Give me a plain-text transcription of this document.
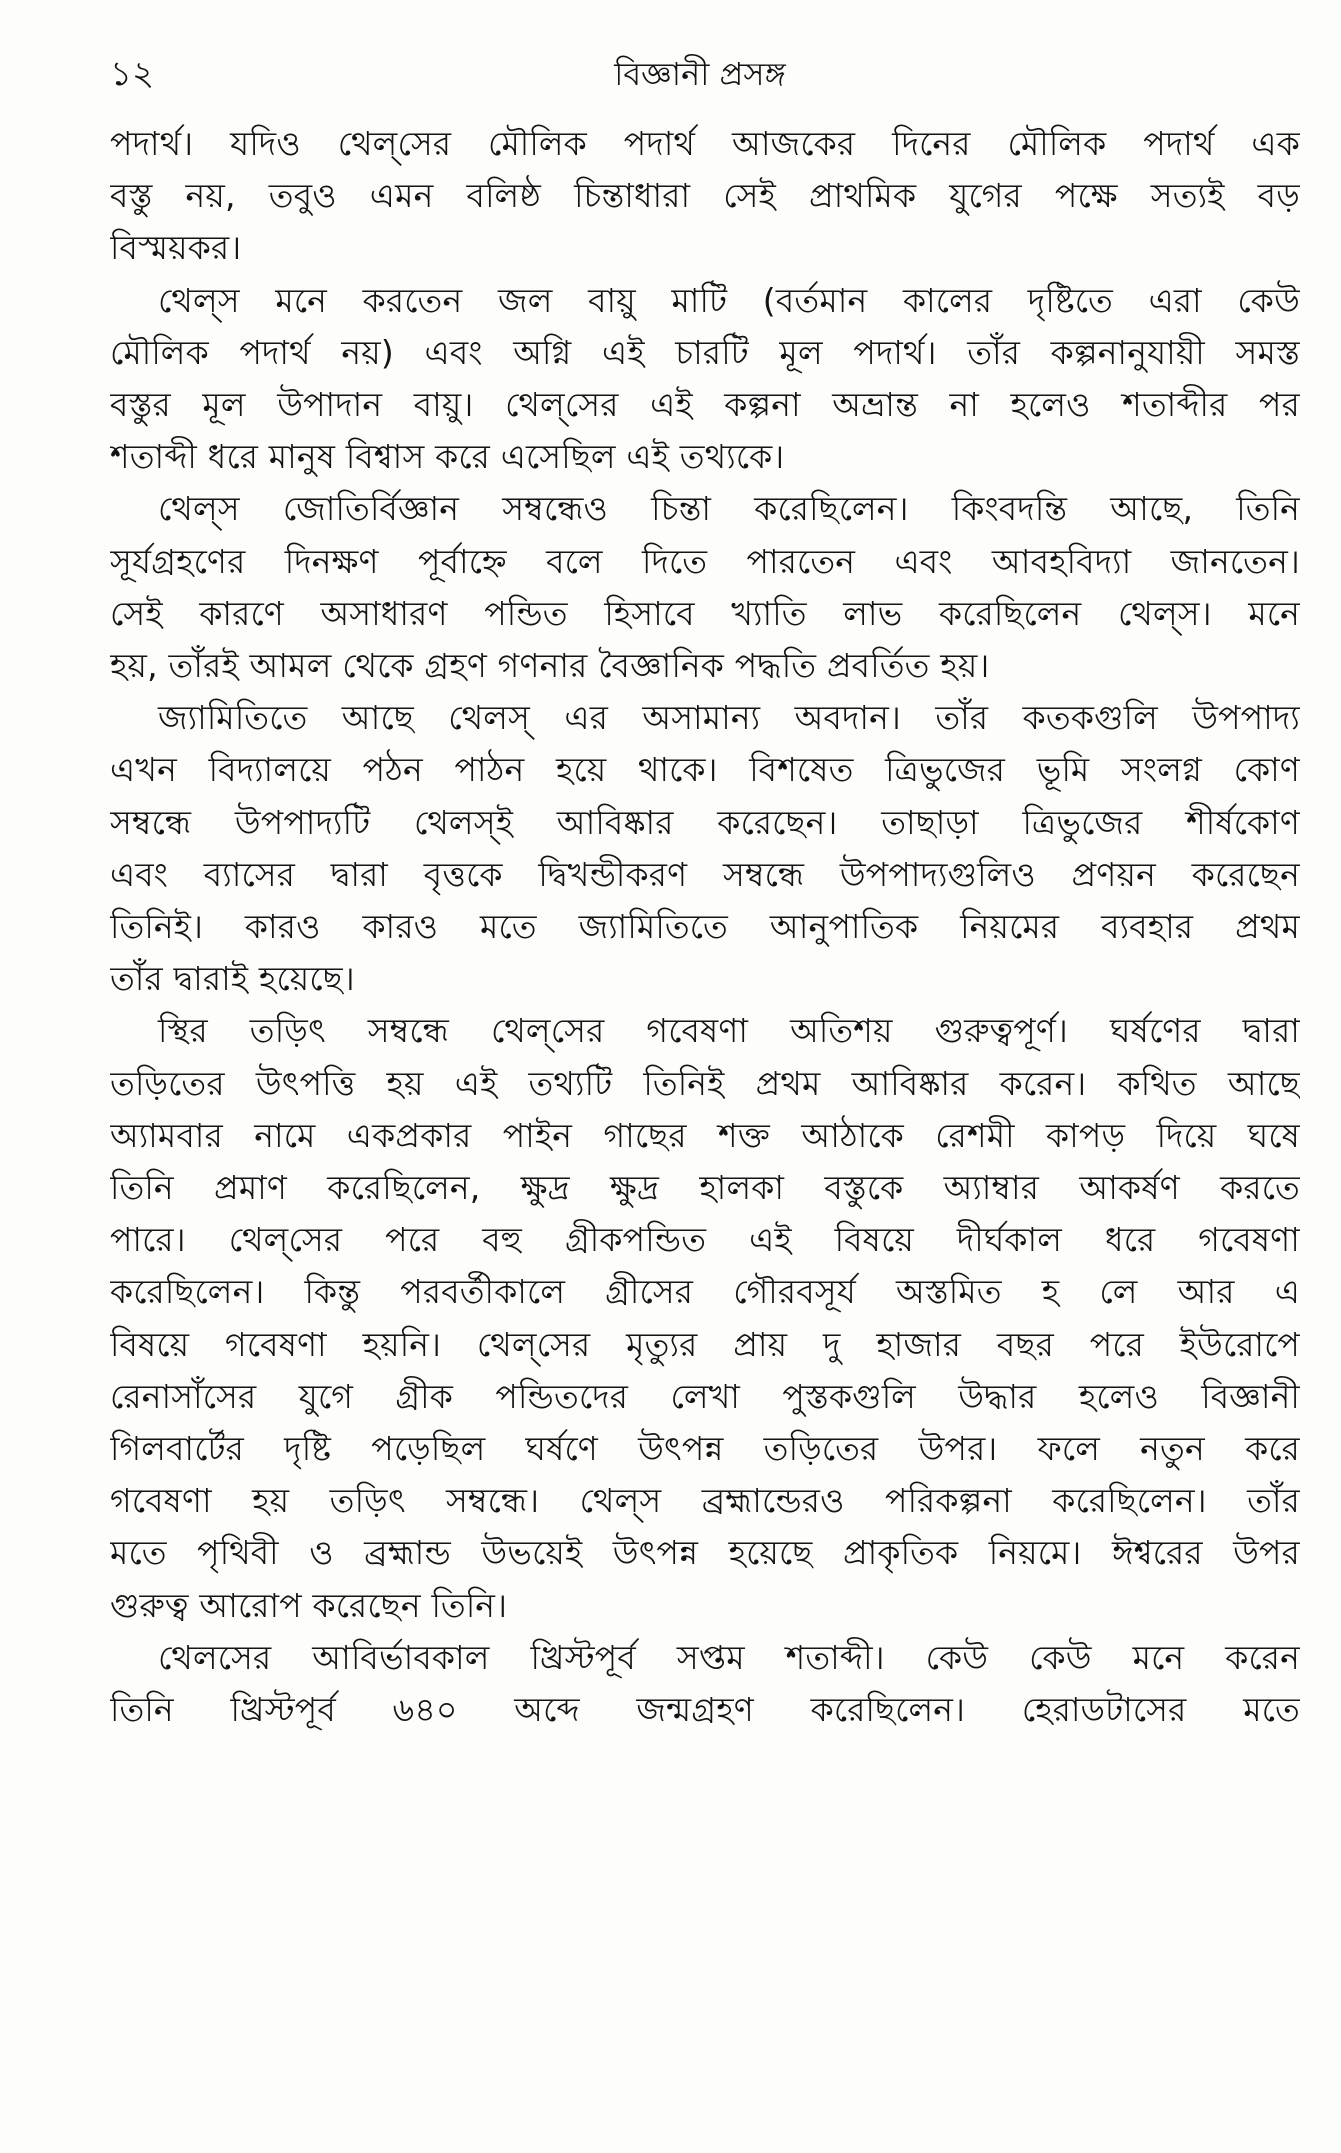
১২	বিজ্ঞানী প্রসঙ্গ

পদার্থ। যদিও থেল্‌সের মৌলিক পদার্থ আজকের দিনের মৌলিক পদার্থ এক
বস্তু নয়, তবুও এমন বলিষ্ঠ চিন্তাধারা সেই প্রাথমিক যুগের পক্ষে সত্যই বড়
বিস্ময়কর।

থেল্‌স মনে করতেন জল বায়ু মাটি (বর্তমান কালের দৃষ্টিতে এরা কেউ
মৌলিক পদার্থ নয়) এবং অগ্নি এই চারটি মূল পদার্থ। তাঁর কল্পনানুযায়ী সমস্ত
বস্তুর মূল উপাদান বায়ু। থেল্‌সের এই কল্পনা অভ্রান্ত না হলেও শতাব্দীর পর
শতাব্দী ধরে মানুষ বিশ্বাস করে এসেছিল এই তথ্যকে।

থেল্‌স জোতির্বিজ্ঞান সম্বন্ধেও চিন্তা করেছিলেন। কিংবদন্তি আছে, তিনি
সূর্যগ্রহণের দিনক্ষণ পূর্বাহ্নে বলে দিতে পারতেন এবং আবহবিদ্যা জানতেন।
সেই কারণে অসাধারণ পন্ডিত হিসাবে খ্যাতি লাভ করেছিলেন থেল্‌স। মনে
হয়, তাঁরই আমল থেকে গ্রহণ গণনার বৈজ্ঞানিক পদ্ধতি প্রবর্তিত হয়।

জ্যামিতিতে আছে থেলস্ এর অসামান্য অবদান। তাঁর কতকগুলি উপপাদ্য
এখন বিদ্যালয়ে পঠন পাঠন হয়ে থাকে। বিশষেত ত্রিভুজের ভূমি সংলগ্ন কোণ
সম্বন্ধে উপপাদ্যটি থেলস্‌ই আবিষ্কার করেছেন। তাছাড়া ত্রিভুজের শীর্ষকোণ
এবং ব্যাসের দ্বারা বৃত্তকে দ্বিখন্ডীকরণ সম্বন্ধে উপপাদ্যগুলিও প্রণয়ন করেছেন
তিনিই। কারও কারও মতে জ্যামিতিতে আনুপাতিক নিয়মের ব্যবহার প্রথম
তাঁর দ্বারাই হয়েছে।

স্থির তড়িৎ সম্বন্ধে থেল্‌সের গবেষণা অতিশয় গুরুত্বপূর্ণ। ঘর্ষণের দ্বারা
তড়িতের উৎপত্তি হয় এই তথ্যটি তিনিই প্রথম আবিষ্কার করেন। কথিত আছে
অ্যামবার নামে একপ্রকার পাইন গাছের শক্ত আঠাকে রেশমী কাপড় দিয়ে ঘষে
তিনি প্রমাণ করেছিলেন, ক্ষুদ্র ক্ষুদ্র হালকা বস্তুকে অ্যাম্বার আকর্ষণ করতে
পারে। থেল্‌সের পরে বহু গ্রীকপন্ডিত এই বিষয়ে দীর্ঘকাল ধরে গবেষণা
করেছিলেন। কিন্তু পরবর্তীকালে গ্রীসের গৌরবসূর্য অস্তমিত হ লে আর এ
বিষয়ে গবেষণা হয়নি। থেল্‌সের মৃত্যুর প্রায় দু হাজার বছর পরে ইউরোপে
রেনাসাঁসের যুগে গ্রীক পন্ডিতদের লেখা পুস্তকগুলি উদ্ধার হলেও বিজ্ঞানী
গিলবার্টের দৃষ্টি পড়েছিল ঘর্ষণে উৎপন্ন তড়িতের উপর। ফলে নতুন করে
গবেষণা হয় তড়িৎ সম্বন্ধে। থেল্‌স ব্রহ্মান্ডেরও পরিকল্পনা করেছিলেন। তাঁর
মতে পৃথিবী ও ব্রহ্মান্ড উভয়েই উৎপন্ন হয়েছে প্রাকৃতিক নিয়মে। ঈশ্বরের উপর
গুরুত্ব আরোপ করেছেন তিনি।

থেলসের আবির্ভাবকাল খ্রিস্টপূর্ব সপ্তম শতাব্দী। কেউ কেউ মনে করেন
তিনি খ্রিস্টপূর্ব ৬৪০ অব্দে জন্মগ্রহণ করেছিলেন। হেরাডটাসের মতে
